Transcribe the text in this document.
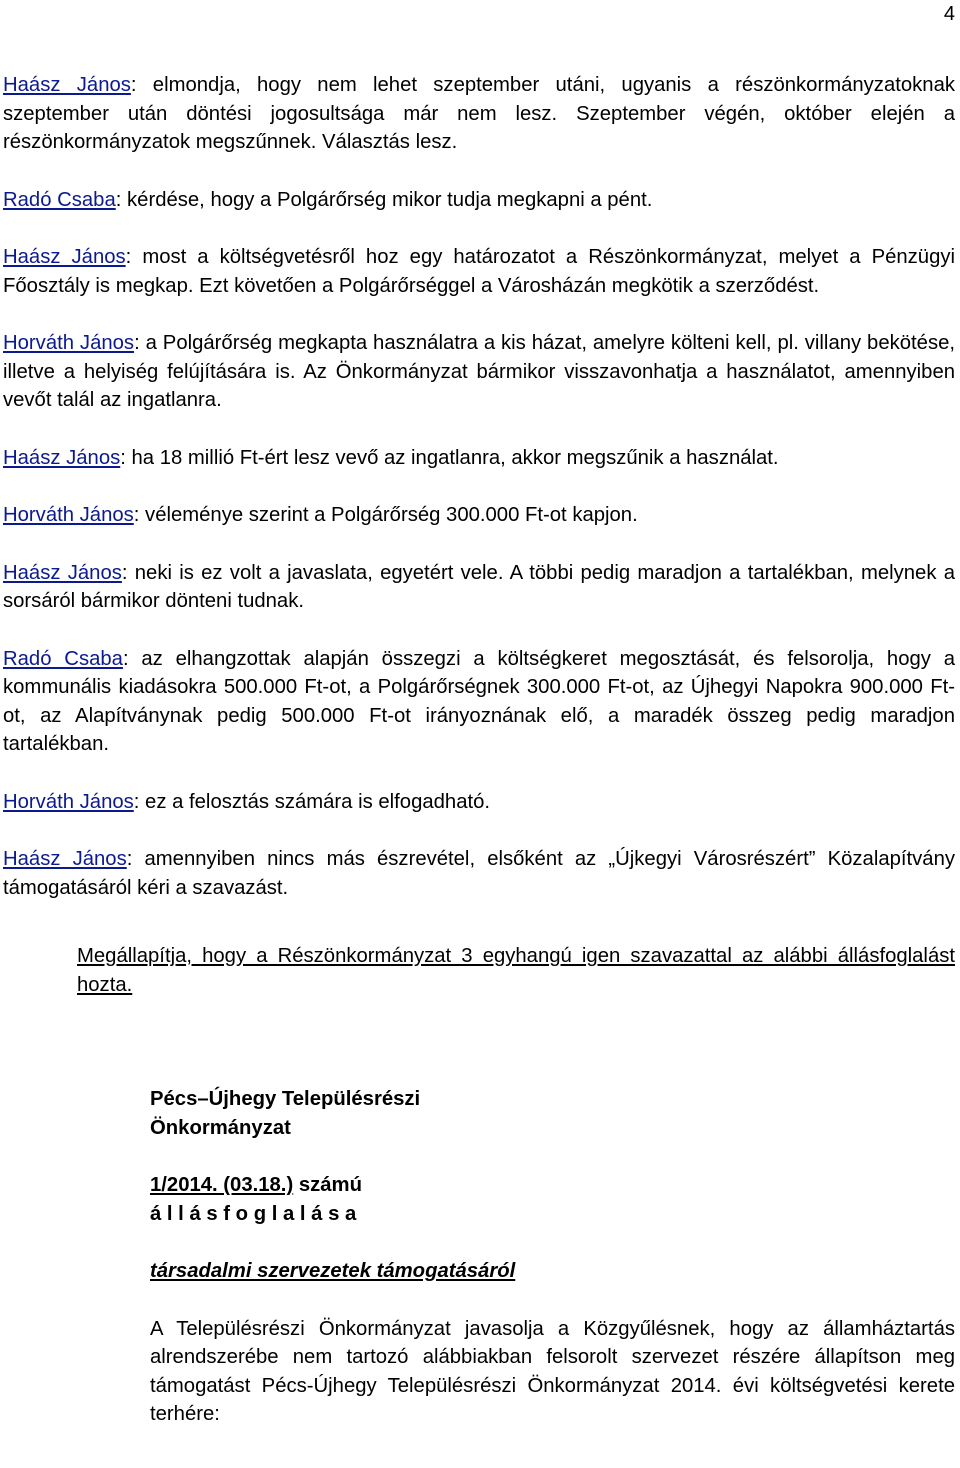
4

Haász János: elmondja, hogy nem lehet szeptember utáni, ugyanis a részönkormányzatoknak szeptember után döntési jogosultsága már nem lesz. Szeptember végén, október elején a részönkormányzatok megszűnnek. Választás lesz.

Radó Csaba: kérdése, hogy a Polgárőrség mikor tudja megkapni a pént.

Haász János: most a költségvetésről hoz egy határozatot a Részönkormányzat, melyet a Pénzügyi Főosztály is megkap. Ezt követően a Polgárőrséggel a Városházán megkötik a szerződést.

Horváth János: a Polgárőrség megkapta használatra a kis házat, amelyre költeni kell, pl. villany bekötése, illetve a helyiség felújítására is. Az Önkormányzat bármikor visszavonhatja a használatot, amennyiben vevőt talál az ingatlanra.

Haász János: ha 18 millió Ft-ért lesz vevő az ingatlanra, akkor megszűnik a használat.

Horváth János: véleménye szerint a Polgárőrség 300.000 Ft-ot kapjon.

Haász János: neki is ez volt a javaslata, egyetért vele. A többi pedig maradjon a tartalékban, melynek a sorsáról bármikor dönteni tudnak.

Radó Csaba: az elhangzottak alapján összegzi a költségkeret megosztását, és felsorolja, hogy a kommunális kiadásokra 500.000 Ft-ot, a Polgárőrségnek 300.000 Ft-ot, az Újhegyi Napokra 900.000 Ft-ot, az Alapítványnak pedig 500.000 Ft-ot irányoznának elő, a maradék összeg pedig maradjon tartalékban.

Horváth János: ez a felosztás számára is elfogadható.

Haász János: amennyiben nincs más észrevétel, elsőként az „Újkegyi Városrészért” Közalapítvány támogatásáról kéri a szavazást.

Megállapítja, hogy a Részönkormányzat 3 egyhangú igen szavazattal az alábbi állásfoglalást hozta.

Pécs–Újhegy Településrészi

Önkormányzat

1/2014. (03.18.) számú

á l l á s f o g l a l á s a

társadalmi szervezetek támogatásáról

A Településrészi Önkormányzat javasolja a Közgyűlésnek, hogy az államháztartás alrendszerébe nem tartozó alábbiakban felsorolt szervezet részére állapítson meg támogatást Pécs-Újhegy Településrészi Önkormányzat 2014. évi költségvetési kerete terhére:
